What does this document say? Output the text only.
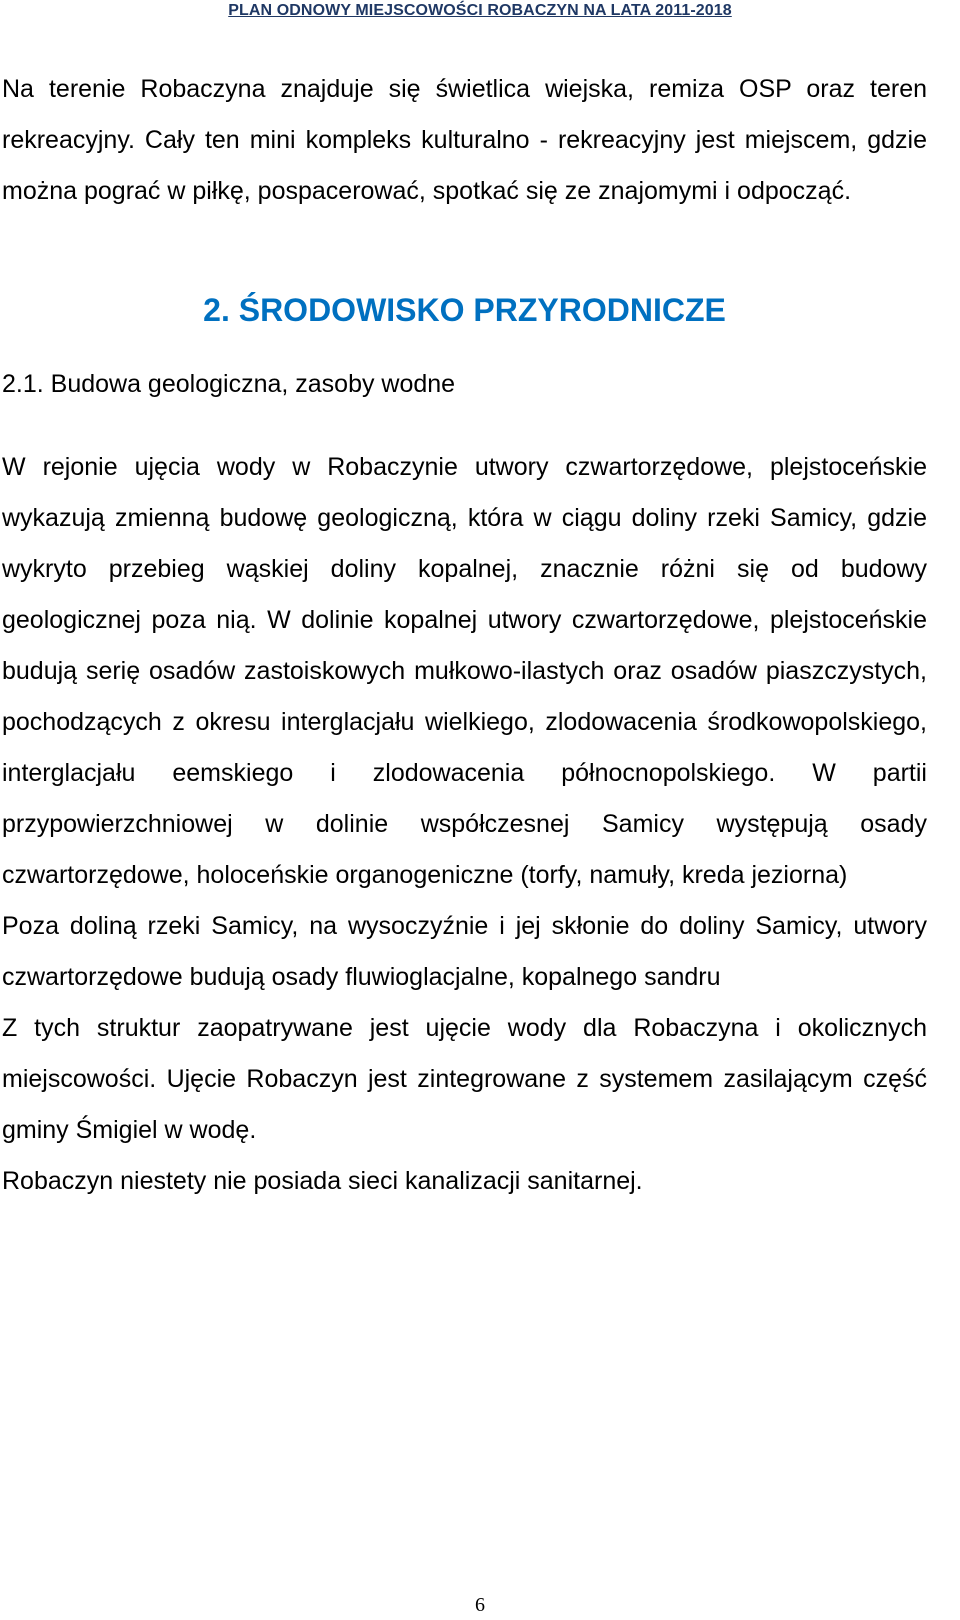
PLAN ODNOWY MIEJSCOWOŚCI ROBACZYN NA LATA 2011-2018

Na terenie Robaczyna znajduje się świetlica wiejska, remiza OSP oraz teren rekreacyjny. Cały ten mini kompleks kulturalno - rekreacyjny jest miejscem, gdzie można pograć w piłkę, pospacerować, spotkać się ze znajomymi i odpocząć.

2. ŚRODOWISKO PRZYRODNICZE
2.1. Budowa geologiczna, zasoby wodne

W rejonie ujęcia wody w Robaczynie utwory czwartorzędowe, plejstoceńskie wykazują zmienną budowę geologiczną, która w ciągu doliny rzeki Samicy, gdzie wykryto przebieg wąskiej doliny kopalnej, znacznie różni się od budowy geologicznej poza nią. W dolinie kopalnej utwory czwartorzędowe, plejstoceńskie budują serię osadów zastoiskowych mułkowo-ilastych oraz osadów piaszczystych, pochodzących z okresu interglacjału wielkiego, zlodowacenia środkowopolskiego, interglacjału eemskiego i zlodowacenia północnopolskiego. W partii przypowierzchniowej w dolinie współczesnej Samicy występują osady czwartorzędowe, holoceńskie organogeniczne (torfy, namuły, kreda jeziorna)

Poza doliną rzeki Samicy, na wysoczyźnie i jej skłonie do doliny Samicy, utwory czwartorzędowe budują osady fluwioglacjalne, kopalnego sandru

Z tych struktur zaopatrywane jest ujęcie wody dla Robaczyna i okolicznych miejscowości. Ujęcie Robaczyn jest zintegrowane z systemem zasilającym część gminy Śmigiel w wodę.

Robaczyn niestety nie posiada sieci kanalizacji sanitarnej.

6
